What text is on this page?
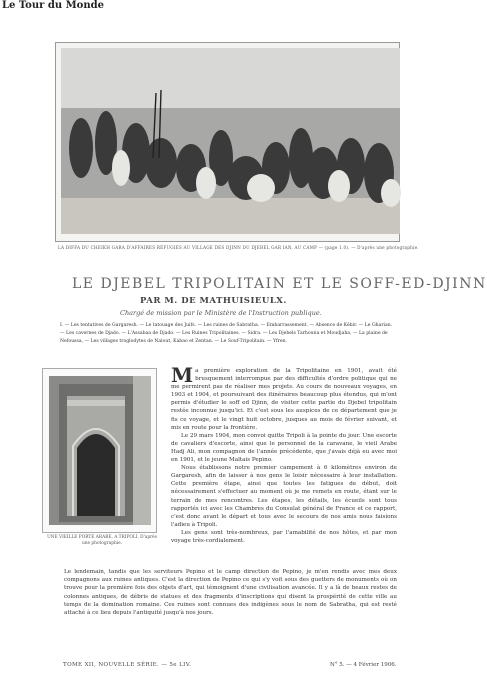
Le Tour du Monde
LA DIFFA DU CHEIKH GARA D'AFFAIRES RÉFUGIÉS AU VILLAGE DES DJINN DU DJEBEL GAR IAN, AU CAMP — (page 1.0). — D'après une photographie.
LE DJEBEL TRIPOLITAIN ET LE SOFF-ED-DJINN
PAR M. DE MATHUISIEULX.
Chargé de mission par le Ministère de l'Instruction publique.
I. — Les tentatives de Gargaresh. — Le tatouage des Juifs. — Les ruines de Sabratha. — Embarrassement. — Absence de Kébir. — Le Gharian. — Les cavernes de Djado. — L'Assabaa de Djado. — Les Ruines Tripolitaines. — Sidra. — Les Djebels Tarhouna et Moudjaha, — La plaine de Nefoussa, — Les villages troglodytes de Nalout, Kabao et Zentan. — Le Souf-Tripolitain. — Yfren.
UNE VIEILLE PORTE ARABE, A TRIPOLI. D'après une photographie.

Ma première exploration de la Tripolitaine en 1901, avait été brusquement interrompue par des difficultés d'ordre politique qui ne me permirent pas de réaliser mes projets. Au cours de nouveaux voyages, en 1903 et 1904, et poursuivant des itinéraires beaucoup plus étendus, qui m'ont permis d'étudier le soff ed Djinn, de visiter cette partie du Djebel tripolitain restée inconnue jusqu'ici. Et c'est sous les auspices de ce département que je fis ce voyage, et le vingt huit octobre, jusques au mois de février suivant, et mis en route pour la frontière.

Le 29 mars 1904, mon convoi quitte Tripoli à la pointe du jour. Une escorte de cavaliers d'escorte, ainsi que le personnel de la caravane, le vieil Arabe Hadj Ali, mon compagnon de l'année précédente, que j'avais déjà eu avec moi en 1901, et le jeune Maltais Pepino.

Nous établissons notre premier campement à 6 kilomètres environ de Gargaresh, afin de laisser à nos gens le loisir nécessaire à leur installation. Cette première étape, ainsi que toutes les fatigues de début, doit nécessairement s'effectuer au moment où je me remets en route, étant sur le terrain de mes rencontres. Les étapes, les détails, les écueils sont tous rapportés ici avec les Chambres du Consulat général de France et ce rapport, c'est donc avant le départ et tous avec le secours de nos amis nous faisions l'adieu à Tripoli.

Les gens sont très-nombreux, par l'amabilité de nos hôtes, et par mon voyage très-cordialement.

Le lendemain, tandis que les serviteurs Pepino et le camp direction de Pepino, je m'en rendis avec mes deux compagnons aux ruines antiques. C'est la direction de Pepino ce qui s'y voit sous des guetters de monuments où on trouve pour la première fois des objets d'art, qui témoignent d'une civilisation avancée. Il y a là de beaux restes de colonnes antiques, de débris de statues et des fragments d'inscriptions qui disent la prospérité de cette ville au temps de la domination romaine. Ces ruines sont connues des indigènes sous le nom de Sabratha, qui est resté attaché à ce lieu depuis l'antiquité jusqu'à nos jours.
TOME XII, NOUVELLE SÉRIE. — 5e LIV.	N° 5. — 4 Février 1906.
